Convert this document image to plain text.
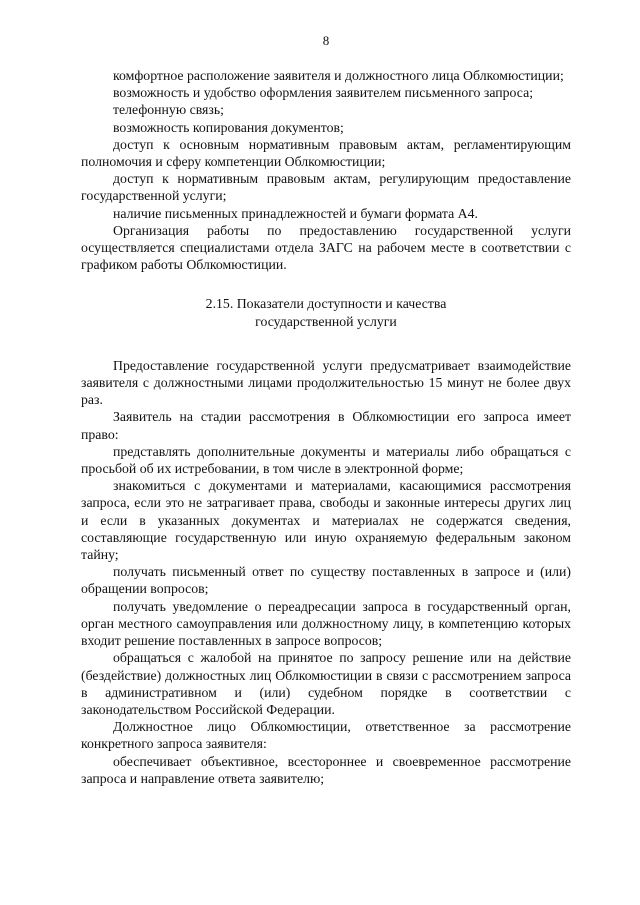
8

комфортное расположение заявителя и должностного лица Облкомюстиции;

возможность и удобство оформления заявителем письменного запроса;

телефонную связь;

возможность копирования документов;

доступ к основным нормативным правовым актам, регламентирующим полномочия и сферу компетенции Облкомюстиции;

доступ к нормативным правовым актам, регулирующим предоставление государственной услуги;

наличие письменных принадлежностей и бумаги формата А4.

Организация работы по предоставлению государственной услуги осуществляется специалистами отдела ЗАГС на рабочем месте в соответствии с графиком работы Облкомюстиции.

2.15. Показатели доступности и качества
государственной услуги

Предоставление государственной услуги предусматривает взаимодействие заявителя с должностными лицами продолжительностью 15 минут не более двух раз.

Заявитель на стадии рассмотрения в Облкомюстиции его запроса имеет право:

представлять дополнительные документы и материалы либо обращаться с просьбой об их истребовании, в том числе в электронной форме;

знакомиться с документами и материалами, касающимися рассмотрения запроса, если это не затрагивает права, свободы и законные интересы других лиц и если в указанных документах и материалах не содержатся сведения, составляющие государственную или иную охраняемую федеральным законом тайну;

получать письменный ответ по существу поставленных в запросе и (или) обращении вопросов;

получать уведомление о переадресации запроса в государственный орган, орган местного самоуправления или должностному лицу, в компетенцию которых входит решение поставленных в запросе вопросов;

обращаться с жалобой на принятое по запросу решение или на действие (бездействие) должностных лиц Облкомюстиции в связи с рассмотрением запроса в административном и (или) судебном порядке в соответствии с законодательством Российской Федерации.

Должностное лицо Облкомюстиции, ответственное за рассмотрение конкретного запроса заявителя:

обеспечивает объективное, всестороннее и своевременное рассмотрение запроса и направление ответа заявителю;
